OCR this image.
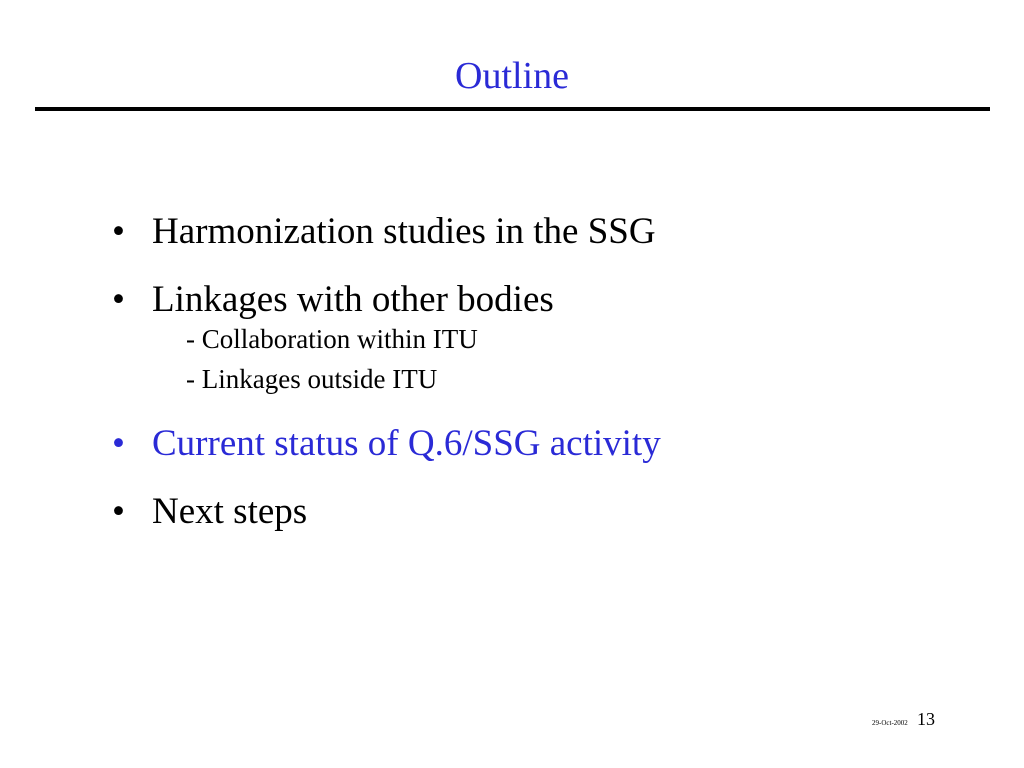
Outline
• Harmonization studies in the SSG
• Linkages with other bodies
- Collaboration within ITU
- Linkages outside ITU
• Current status of Q.6/SSG activity
• Next steps
29-Oct-2002 13
